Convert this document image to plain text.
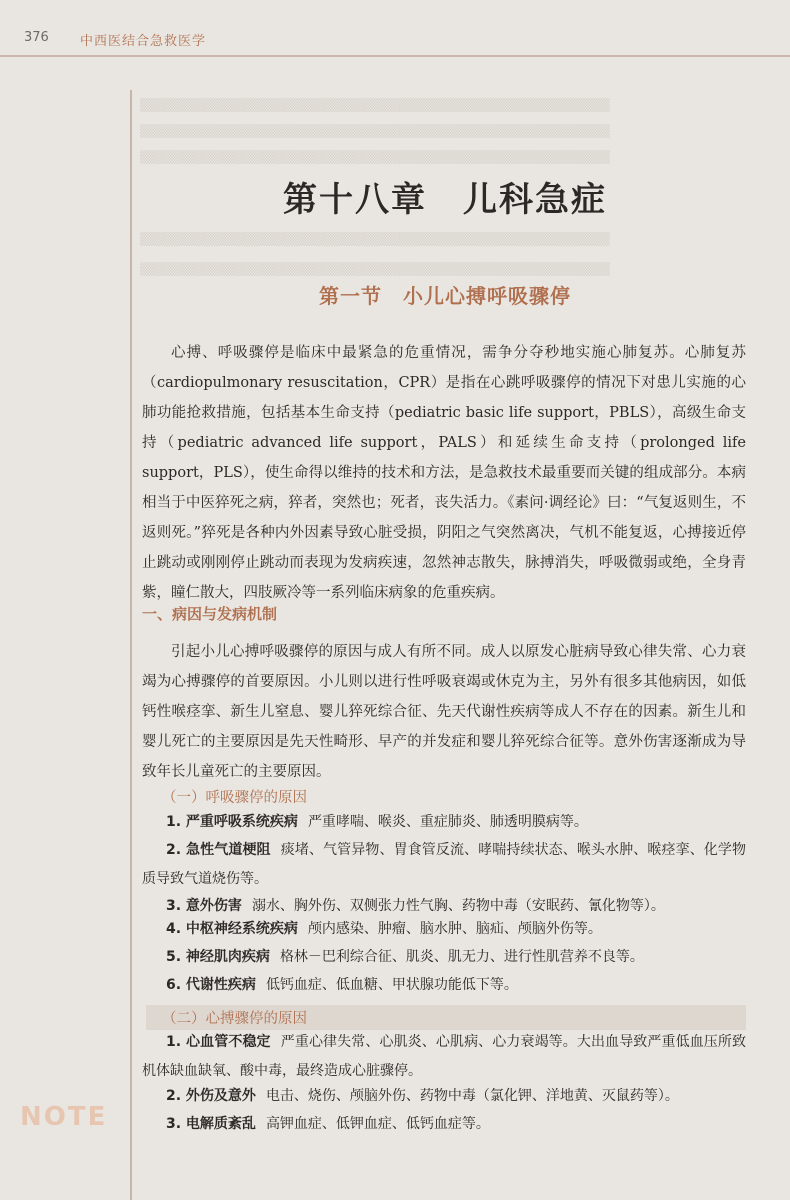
376 中西医结合急救医学
NOTE
▒▒▒▒▒▒▒▒▒▒▒▒▒▒▒▒▒▒▒▒▒▒▒▒▒▒▒▒▒▒▒▒▒▒▒▒▒▒▒▒▒▒▒▒▒▒▒
▒▒▒▒▒▒▒▒▒▒▒▒▒▒▒▒▒▒▒▒▒▒▒▒▒▒▒▒▒▒▒▒▒▒▒▒▒▒▒▒▒▒▒▒▒▒▒
▒▒▒▒▒▒▒▒▒▒▒▒▒▒▒▒▒▒▒▒▒▒▒▒▒▒▒▒▒▒▒▒▒▒▒▒▒▒▒▒▒▒▒▒▒▒▒
▒▒▒▒▒▒▒▒▒▒▒▒▒▒▒▒▒▒▒▒▒▒▒▒▒▒▒▒▒▒▒▒▒▒▒▒▒▒▒▒▒▒▒▒▒▒▒
▒▒▒▒▒▒▒▒▒▒▒▒▒▒▒▒▒▒▒▒▒▒▒▒▒▒▒▒▒▒▒▒▒▒▒▒▒▒▒▒▒▒▒▒▒▒▒
第十八章　儿科急症
第一节　小儿心搏呼吸骤停

心搏、呼吸骤停是临床中最紧急的危重情况，需争分夺秒地实施心肺复苏。心肺复苏（cardiopulmonary resuscitation，CPR）是指在心跳呼吸骤停的情况下对患儿实施的心肺功能抢救措施，包括基本生命支持（pediatric basic life support，PBLS），高级生命支持（pediatric advanced life support，PALS）和延续生命支持（prolonged life support，PLS），使生命得以维持的技术和方法，是急救技术最重要而关键的组成部分。本病相当于中医猝死之病，猝者，突然也；死者，丧失活力。《素问·调经论》曰：“气复返则生，不返则死。”猝死是各种内外因素导致心脏受损，阴阳之气突然离决，气机不能复返，心搏接近停止跳动或刚刚停止跳动而表现为发病疾速，忽然神志散失，脉搏消失，呼吸微弱或绝，全身青紫，瞳仁散大，四肢厥冷等一系列临床病象的危重疾病。

一、病因与发病机制

引起小儿心搏呼吸骤停的原因与成人有所不同。成人以原发心脏病导致心律失常、心力衰竭为心搏骤停的首要原因。小儿则以进行性呼吸衰竭或休克为主，另外有很多其他病因，如低钙性喉痉挛、新生儿窒息、婴儿猝死综合征、先天代谢性疾病等成人不存在的因素。新生儿和婴儿死亡的主要原因是先天性畸形、早产的并发症和婴儿猝死综合征等。意外伤害逐渐成为导致年长儿童死亡的主要原因。

（一）呼吸骤停的原因

1. 严重呼吸系统疾病 严重哮喘、喉炎、重症肺炎、肺透明膜病等。

2. 急性气道梗阻 痰堵、气管异物、胃食管反流、哮喘持续状态、喉头水肿、喉痉挛、化学物质导致气道烧伤等。

3. 意外伤害 溺水、胸外伤、双侧张力性气胸、药物中毒（安眠药、氰化物等）。

4. 中枢神经系统疾病 颅内感染、肿瘤、脑水肿、脑疝、颅脑外伤等。

5. 神经肌肉疾病 格林－巴利综合征、肌炎、肌无力、进行性肌营养不良等。

6. 代谢性疾病 低钙血症、低血糖、甲状腺功能低下等。

（二）心搏骤停的原因

1. 心血管不稳定 严重心律失常、心肌炎、心肌病、心力衰竭等。大出血导致严重低血压所致机体缺血缺氧、酸中毒，最终造成心脏骤停。

2. 外伤及意外 电击、烧伤、颅脑外伤、药物中毒（氯化钾、洋地黄、灭鼠药等）。

3. 电解质紊乱 高钾血症、低钾血症、低钙血症等。
